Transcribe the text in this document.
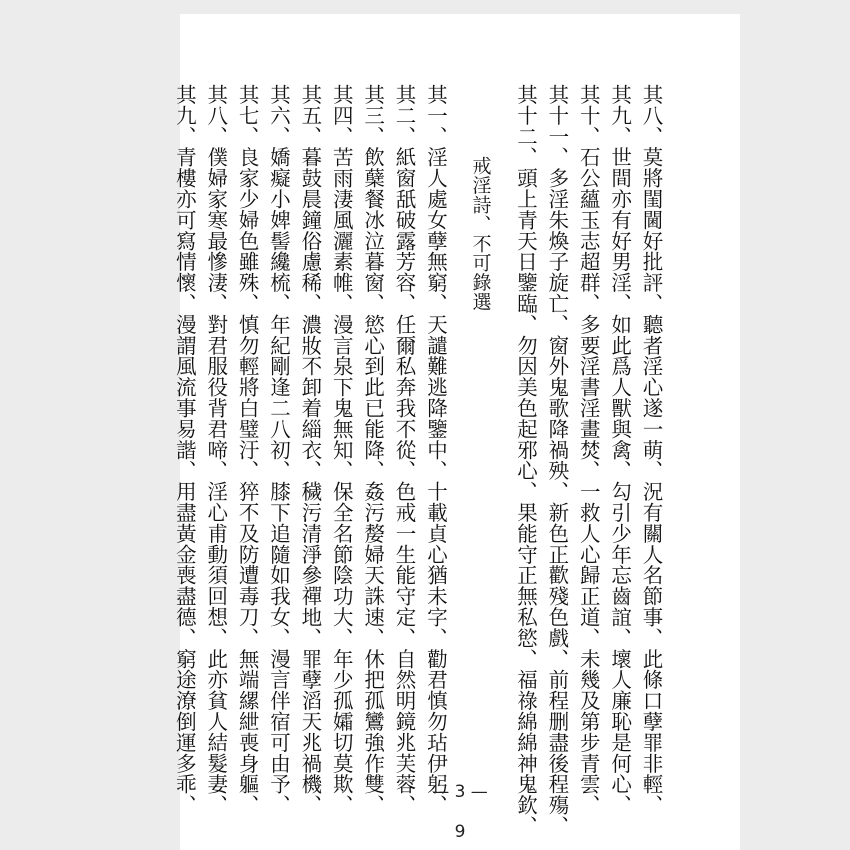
其八、莫將閨閫好批評、聽者淫心遂一萌、況有關人名節事、此條口孽罪非輕、
其九、世間亦有好男淫、如此爲人獸與禽、勾引少年忘齒誼、壞人廉恥是何心、
其十、石公蘊玉志超群、多要淫書淫畫焚、一救人心歸正道、未幾及第步青雲、
其十一、多淫朱煥子旋亡、窗外鬼歌降禍殃、新色正歡殘色戲、前程删盡後程殤、
其十二、頭上青天日鑒臨、勿因美色起邪心、果能守正無私慾、福祿綿綿神鬼欽、
戒淫詩、不可錄選
其一、淫人處女孽無窮、天譴難逃降鑒中、十載貞心猶未字、勸君慎勿玷伊躬、
其二、紙窗舐破露芳容、任爾私奔我不從、色戒一生能守定、自然明鏡兆芙蓉、
其三、飲蘖餐冰泣暮窗、慾心到此已能降、姦污嫠婦天誅速、休把孤鸞強作雙、
其四、苦雨淒風灑素帷、漫言泉下鬼無知、保全名節陰功大、年少孤孀切莫欺、
其五、暮鼓晨鐘俗慮稀、濃妝不卸着緇衣、穢污清淨參禪地、罪孽滔天兆禍機、
其六、嬌癡小婢髻纔梳、年紀剛逢二八初、膝下追隨如我女、漫言伴宿可由予、
其七、良家少婦色雖殊、慎勿輕將白璧汙、猝不及防遭毒刀、無端縲紲喪身軀、
其八、僕婦家寒最慘淒、對君服役背君啼、淫心甫動須回想、此亦貧人結髮妻、
其九、青樓亦可寫情懷、漫謂風流事易諧、用盡黃金喪盡德、窮途潦倒運多乖、	— 3 —
9
